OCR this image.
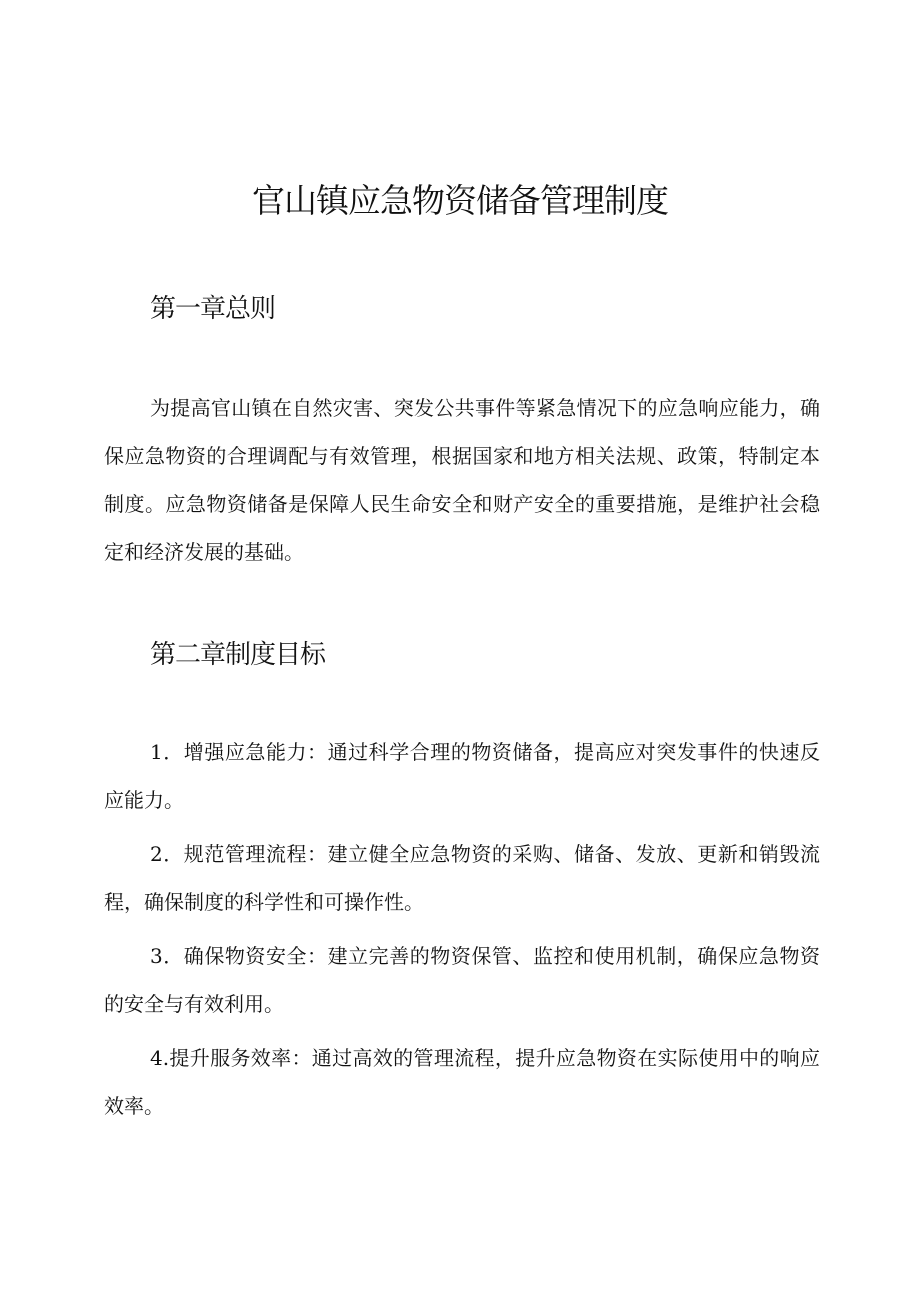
官山镇应急物资储备管理制度
第一章总则

为提高官山镇在自然灾害、突发公共事件等紧急情况下的应急响应能力，确保应急物资的合理调配与有效管理，根据国家和地方相关法规、政策，特制定本制度。应急物资储备是保障人民生命安全和财产安全的重要措施，是维护社会稳定和经济发展的基础。

第二章制度目标
1．增强应急能力：通过科学合理的物资储备，提高应对突发事件的快速反应能力。
2．规范管理流程：建立健全应急物资的采购、储备、发放、更新和销毁流程，确保制度的科学性和可操作性。
3．确保物资安全：建立完善的物资保管、监控和使用机制，确保应急物资的安全与有效利用。
4.提升服务效率：通过高效的管理流程，提升应急物资在实际使用中的响应效率。
